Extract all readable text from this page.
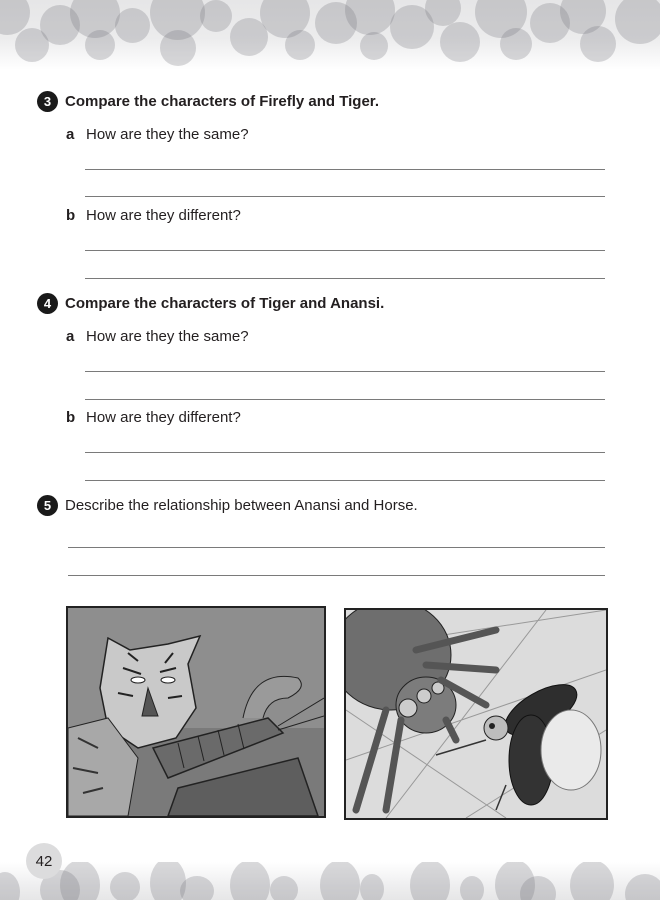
3 Compare the characters of Firefly and Tiger.
a How are they the same?
b How are they different?
4 Compare the characters of Tiger and Anansi.
a How are they the same?
b How are they different?
5 Describe the relationship between Anansi and Horse.
42
